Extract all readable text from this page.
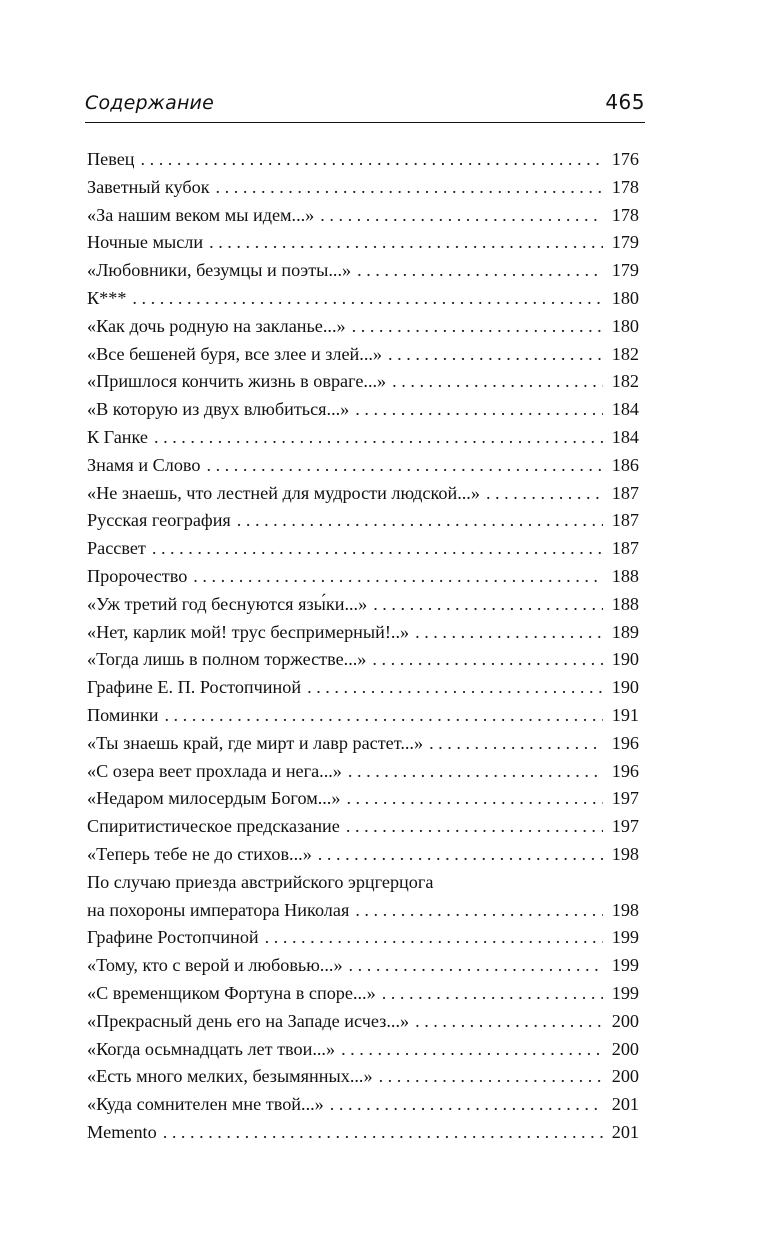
Содержание	465
Певец . . .	176
Заветный кубок . . .	178
«За нашим веком мы идем...» . . .	178
Ночные мысли . . .	179
«Любовники, безумцы и поэты...» . . .	179
К*** . . .	180
«Как дочь родную на закланье...» . . .	180
«Все бешеней буря, все злее и злей...» . . .	182
«Пришлося кончить жизнь в овраге...» . . .	182
«В которую из двух влюбиться...» . . .	184
К Ганке . . .	184
Знамя и Слово . . .	186
«Не знаешь, что лестней для мудрости людской...» . . .	187
Русская география . . .	187
Рассвет . . .	187
Пророчество . . .	188
«Уж третий год беснуются язы́ки...» . . .	188
«Нет, карлик мой! трус беспримерный!..» . . .	189
«Тогда лишь в полном торжестве...» . . .	190
Графине Е. П. Ростопчиной . . .	190
Поминки . . .	191
«Ты знаешь край, где мирт и лавр растет...» . . .	196
«С озера веет прохлада и нега...» . . .	196
«Недаром милосердым Богом...» . . .	197
Спиритистическое предсказание . . .	197
«Теперь тебе не до стихов...» . . .	198
По случаю приезда австрийского эрцгерцога
на похороны императора Николая . . .	198
Графине Ростопчиной . . .	199
«Тому, кто с верой и любовью...» . . .	199
«С временщиком Фортуна в споре...» . . .	199
«Прекрасный день его на Западе исчез...» . . .	200
«Когда осьмнадцать лет твои...» . . .	200
«Есть много мелких, безымянных...» . . .	200
«Куда сомнителен мне твой...» . . .	201
Memento . . .	201
